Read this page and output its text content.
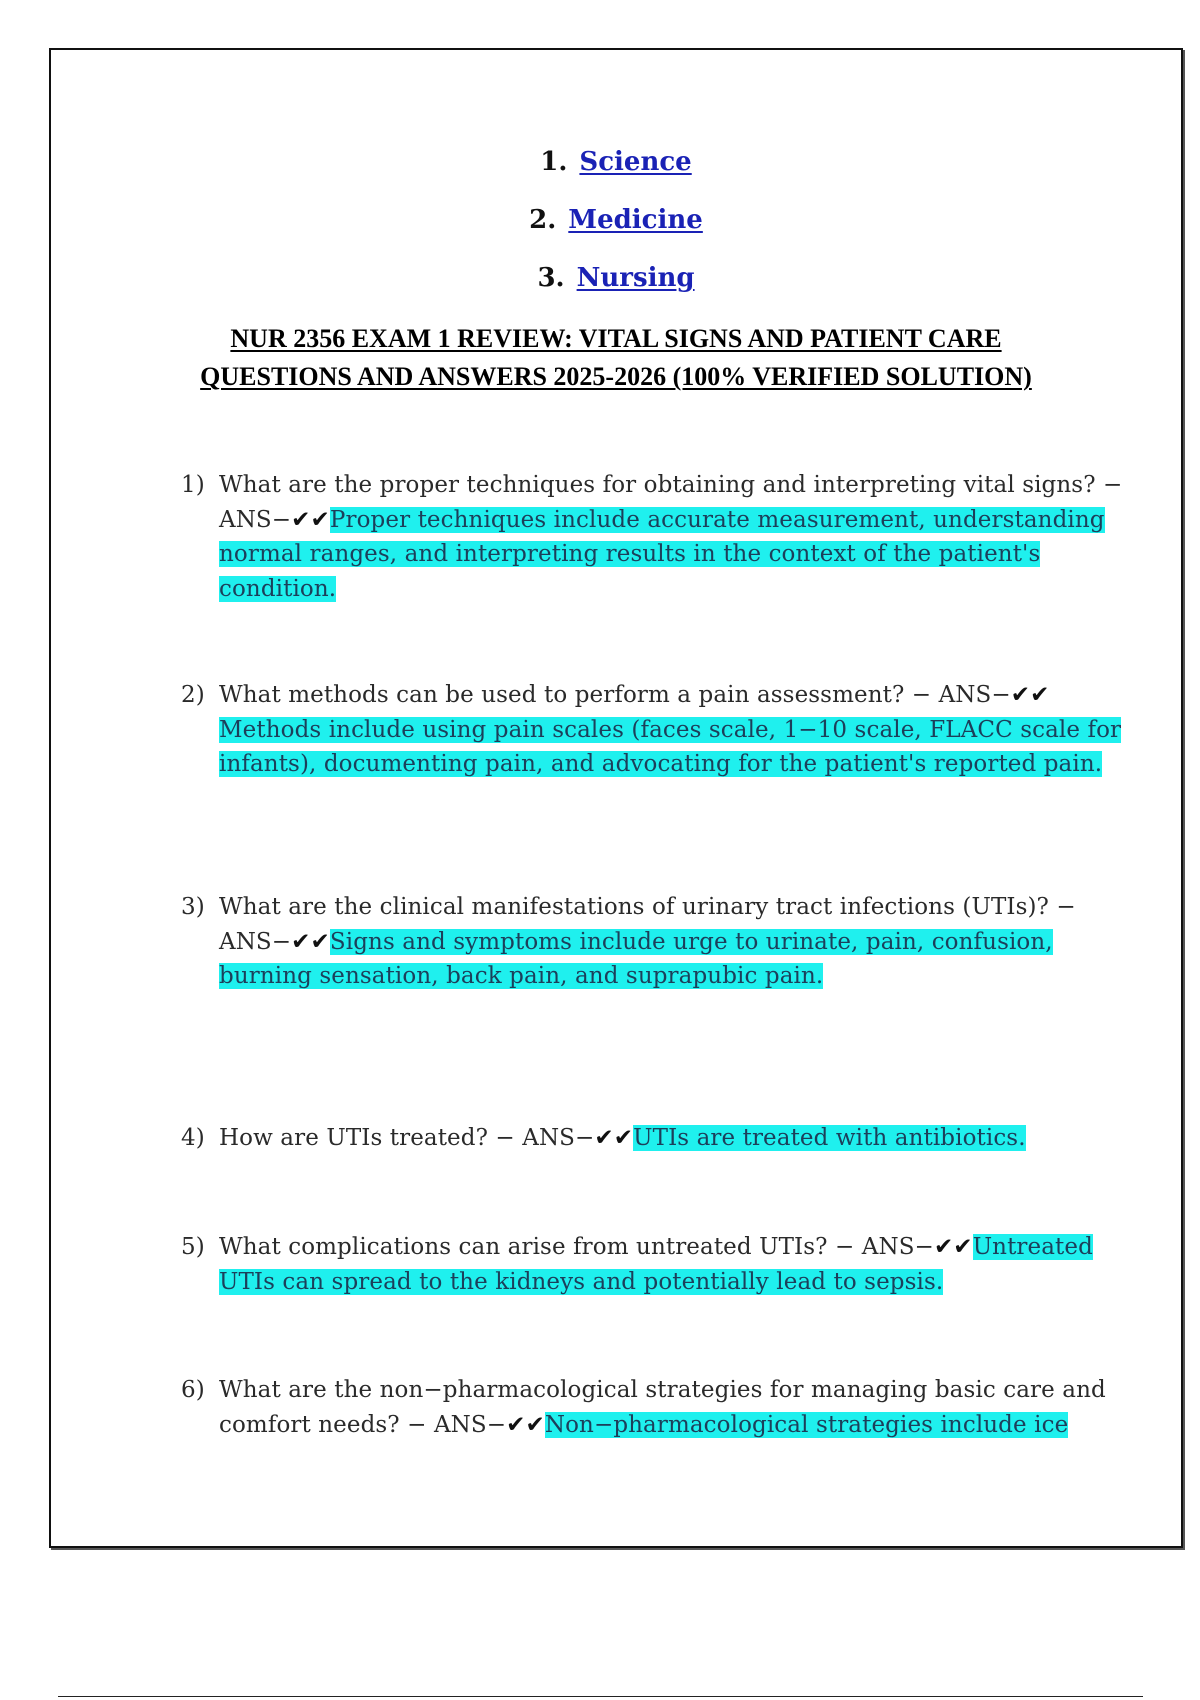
1. Science
2. Medicine
3. Nursing
NUR 2356 EXAM 1 REVIEW: VITAL SIGNS AND PATIENT CARE
QUESTIONS AND ANSWERS 2025-2026 (100% VERIFIED SOLUTION)
1) What are the proper techniques for obtaining and interpreting vital signs? − ANS−✔✔Proper techniques include accurate measurement, understanding normal ranges, and interpreting results in the context of the patient's condition.
2) What methods can be used to perform a pain assessment? − ANS−✔✔
Methods include using pain scales (faces scale, 1−10 scale, FLACC scale for infants), documenting pain, and advocating for the patient's reported pain.
3) What are the clinical manifestations of urinary tract infections (UTIs)? − ANS−✔✔Signs and symptoms include urge to urinate, pain, confusion, burning sensation, back pain, and suprapubic pain.
4) How are UTIs treated? − ANS−✔✔UTIs are treated with antibiotics.
5) What complications can arise from untreated UTIs? − ANS−✔✔Untreated UTIs can spread to the kidneys and potentially lead to sepsis.
6) What are the non−pharmacological strategies for managing basic care and comfort needs? − ANS−✔✔Non−pharmacological strategies include ice
